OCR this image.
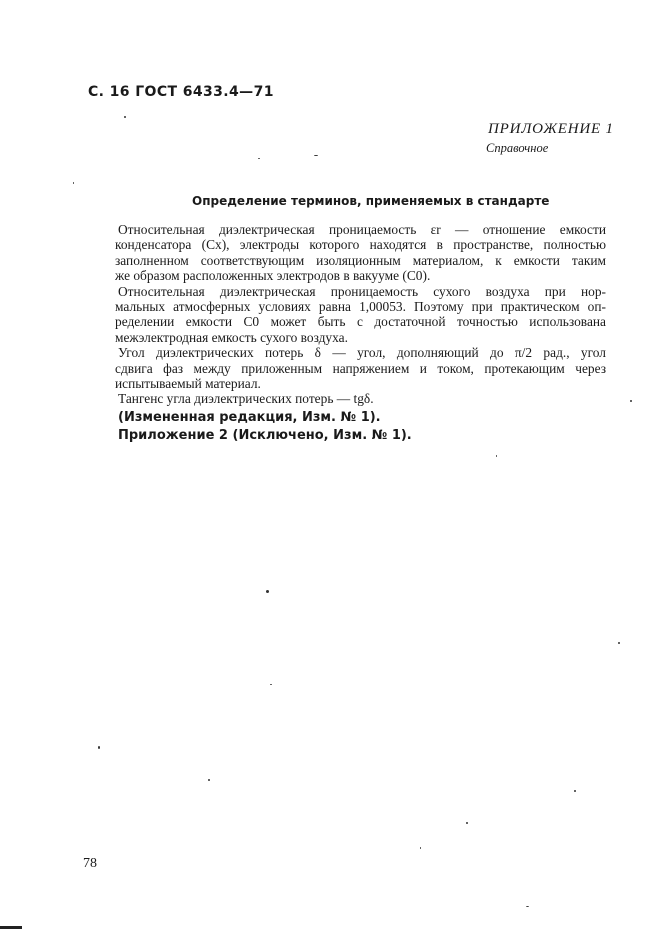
С. 16 ГОСТ 6433.4—71
ПРИЛОЖЕНИЕ 1
Справочное
Определение терминов, применяемых в стандарте
Относительная диэлектрическая проницаемость εr — отношение емкости
конденсатора (Cx), электроды которого находятся в пространстве, полностью
заполненном соответствующим изоляционным материалом, к емкости таким
же образом расположенных электродов в вакууме (C0).
Относительная диэлектрическая проницаемость сухого воздуха при нор-
мальных атмосферных условиях равна 1,00053. Поэтому при практическом оп-
ределении емкости C0 может быть с достаточной точностью использована
межэлектродная емкость сухого воздуха.
Угол диэлектрических потерь δ — угол, дополняющий до π/2 рад., угол
сдвига фаз между приложенным напряжением и током, протекающим через
испытываемый материал.
Тангенс угла диэлектрических потерь — tgδ.
(Измененная редакция, Изм. № 1).
Приложение 2 (Исключено, Изм. № 1).
78
